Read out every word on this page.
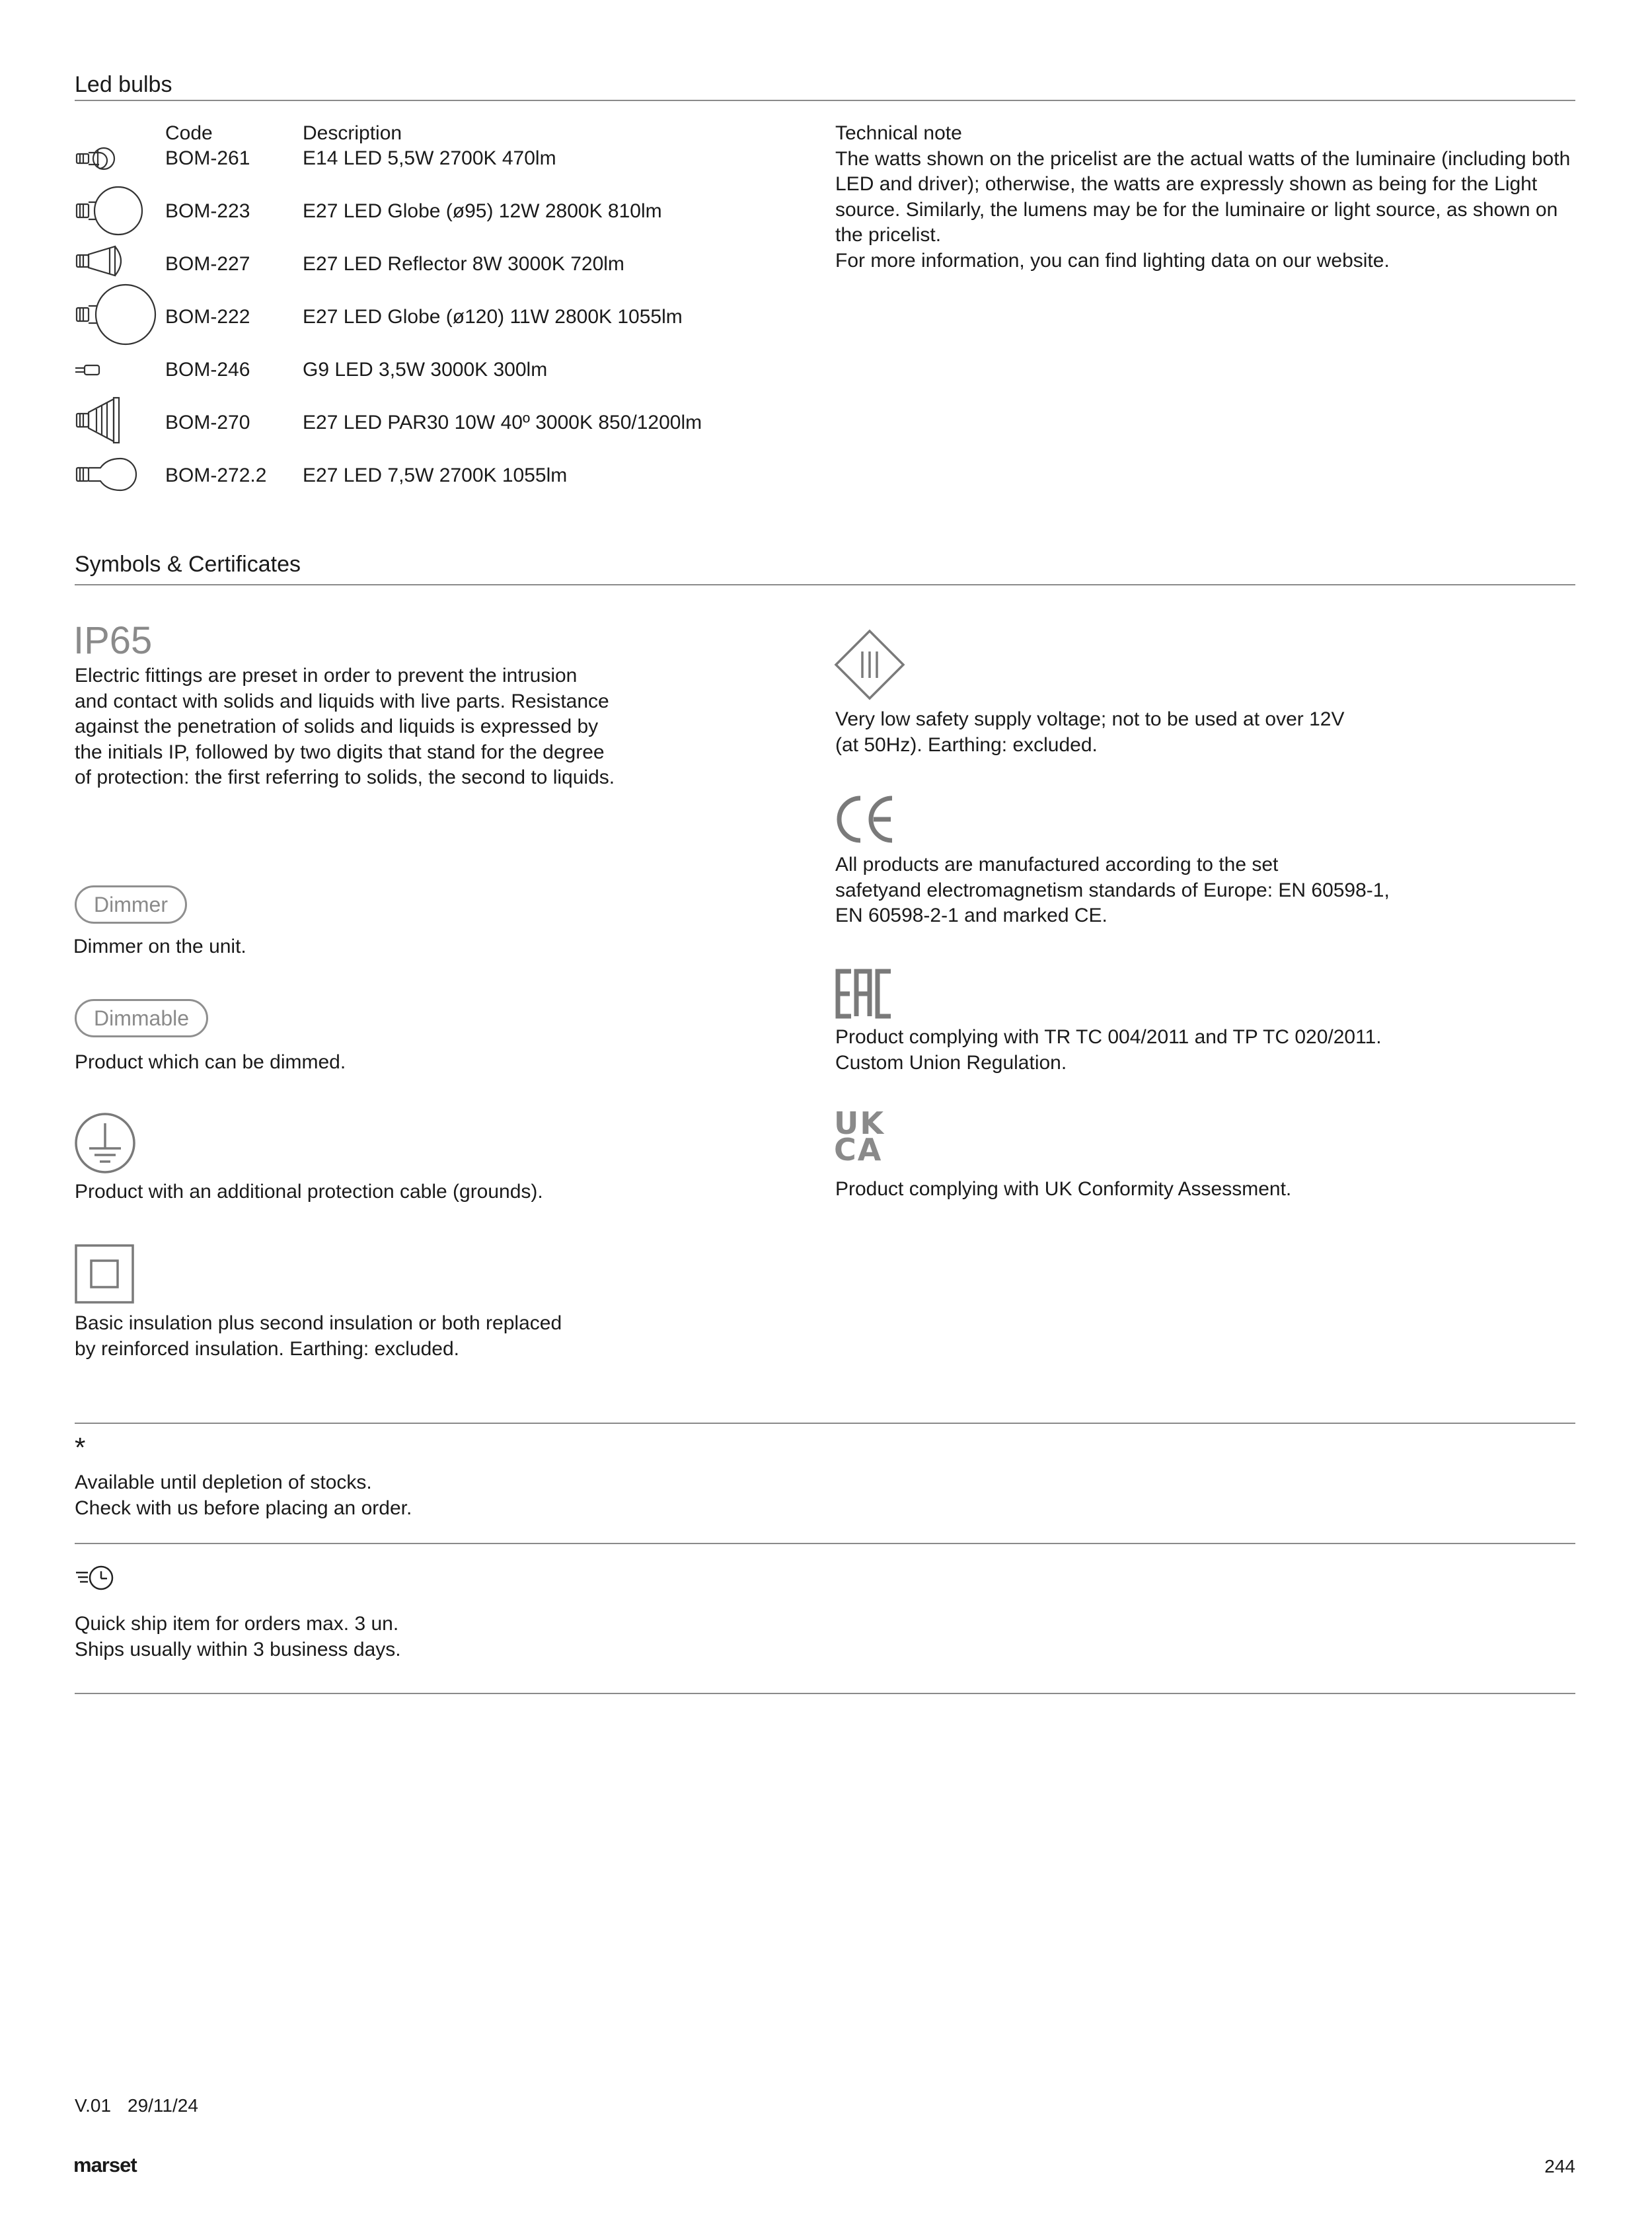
Led bulbs
Code	Description
BOM-261	E14 LED 5,5W 2700K 470lm
BOM-223	E27 LED Globe (ø95) 12W 2800K 810lm
BOM-227	E27 LED Reflector 8W 3000K 720lm
BOM-222	E27 LED Globe (ø120) 11W 2800K 1055lm
BOM-246	G9 LED 3,5W 3000K 300lm
BOM-270	E27 LED PAR30 10W 40º 3000K 850/1200lm
BOM-272.2 E27 LED 7,5W 2700K 1055lm
Technical note
The watts shown on the pricelist are the actual watts of the luminaire (including both
LED and driver); otherwise, the watts are expressly shown as being for the Light
source. Similarly, the lumens may be for the luminaire or light source, as shown on
the pricelist.
For more information, you can find lighting data on our website.
Symbols & Certificates
IP65
Electric fittings are preset in order to prevent the intrusion
and contact with solids and liquids with live parts. Resistance
against the penetration of solids and liquids is expressed by
the initials IP, followed by two digits that stand for the degree
of protection: the first referring to solids, the second to liquids.
Dimmer
Dimmer on the unit.
Dimmable
Product which can be dimmed.
Product with an additional protection cable (grounds).
Basic insulation plus second insulation or both replaced
by reinforced insulation. Earthing: excluded.
Very low safety supply voltage; not to be used at over 12V
(at 50Hz). Earthing: excluded.
All products are manufactured according to the set
safetyand electromagnetism standards of Europe: EN 60598-1,
EN 60598-2-1 and marked CE.
Product complying with TR TC 004/2011 and TP TC 020/2011.
Custom Union Regulation.
UK
CA
Product complying with UK Conformity Assessment.
*
Available until depletion of stocks.
Check with us before placing an order.
Quick ship item for orders max. 3 un.
Ships usually within 3 business days.
V.01 29/11/24
marset	244
